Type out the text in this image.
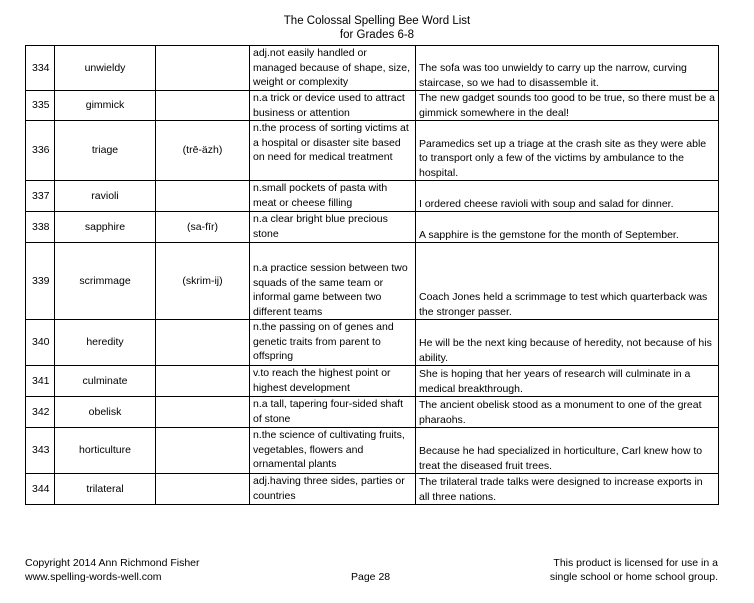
The Colossal Spelling Bee Word List
for Grades 6-8
334	unwieldy		adj.not easily handled or managed because of shape, size, weight or complexity	The sofa was too unwieldy to carry up the narrow, curving staircase, so we had to disassemble it.
335	gimmick		n.a trick or device used to attract business or attention	The new gadget sounds too good to be true, so there must be a gimmick somewhere in the deal!
336	triage	(trē-äzh)	n.the process of sorting victims at a hospital or disaster site based on need for medical treatment	Paramedics set up a triage at the crash site as they were able to transport only a few of the victims by ambulance to the hospital.
337	ravioli		n.small pockets of pasta with meat or cheese filling	I ordered cheese ravioli with soup and salad for dinner.
338	sapphire	(sa-fīr)	n.a clear bright blue precious stone	A sapphire is the gemstone for the month of September.
339	scrimmage	(skrim-ij)	n.a practice session between two squads of the same team or informal game between two different teams	Coach Jones held a scrimmage to test which quarterback was the stronger passer.
340	heredity		n.the passing on of genes and genetic traits from parent to offspring	He will be the next king because of heredity, not because of his ability.
341	culminate		v.to reach the highest point or highest development	She is hoping that her years of research will culminate in a medical breakthrough.
342	obelisk		n.a tall, tapering four-sided shaft of stone	The ancient obelisk stood as a monument to one of the great pharaohs.
343	horticulture		n.the science of cultivating fruits, vegetables, flowers and ornamental plants	Because he had specialized in horticulture, Carl knew how to treat the diseased fruit trees.
344	trilateral		adj.having three sides, parties or countries	The trilateral trade talks were designed to increase exports in all three nations.
Copyright 2014 Ann Richmond Fisher
www.spelling-words-well.com	Page 28
This product is licensed for use in a
single school or home school group.
